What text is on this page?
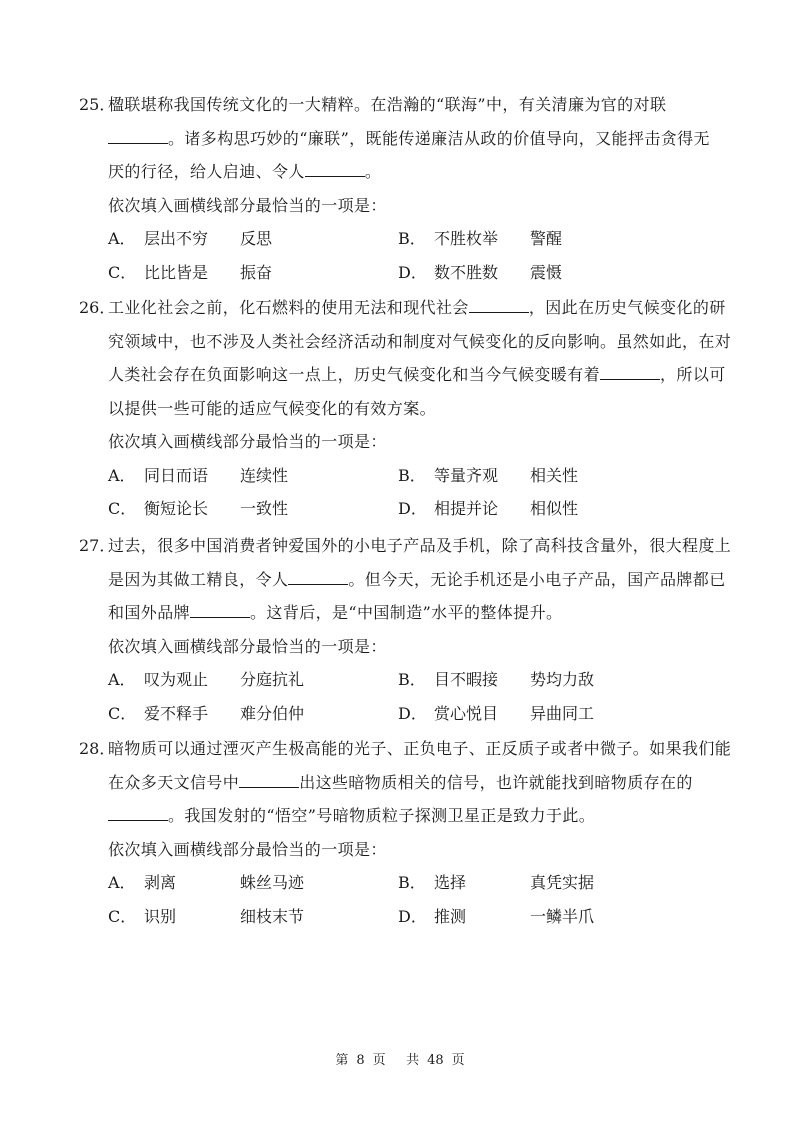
25．
楹联堪称我国传统文化的一大精粹。在浩瀚的“联海”中，有关清廉为官的对联
。诸多构思巧妙的“廉联”，既能传递廉洁从政的价值导向，又能抨击贪得无
厌的行径，给人启迪、令人	。
依次填入画横线部分最恰当的一项是：
A． 层出不穷 反思	B． 不胜枚举 警醒
C． 比比皆是 振奋	D． 数不胜数 震慑
26．
工业化社会之前，化石燃料的使用无法和现代社会	，因此在历史气候变化的研
究领域中，也不涉及人类社会经济活动和制度对气候变化的反向影响。虽然如此，在对
人类社会存在负面影响这一点上，历史气候变化和当今气候变暖有着	，所以可
以提供一些可能的适应气候变化的有效方案。
依次填入画横线部分最恰当的一项是：
A． 同日而语 连续性	B． 等量齐观 相关性
C． 衡短论长 一致性	D． 相提并论 相似性
27．
过去，很多中国消费者钟爱国外的小电子产品及手机，除了高科技含量外，很大程度上
是因为其做工精良，令人	。但今天，无论手机还是小电子产品，国产品牌都已
和国外品牌	。这背后，是“中国制造”水平的整体提升。
依次填入画横线部分最恰当的一项是：
A． 叹为观止 分庭抗礼	B． 目不暇接 势均力敌
C． 爱不释手 难分伯仲	D． 赏心悦目 异曲同工
28．
暗物质可以通过湮灭产生极高能的光子、正负电子、正反质子或者中微子。如果我们能
在众多天文信号中	出这些暗物质相关的信号，也许就能找到暗物质存在的
。我国发射的“悟空”号暗物质粒子探测卫星正是致力于此。
依次填入画横线部分最恰当的一项是：
A． 剥离	蛛丝马迹	B． 选择	真凭实据
C． 识别	细枝末节	D． 推测	一鳞半爪
第 8 页 共 48 页
